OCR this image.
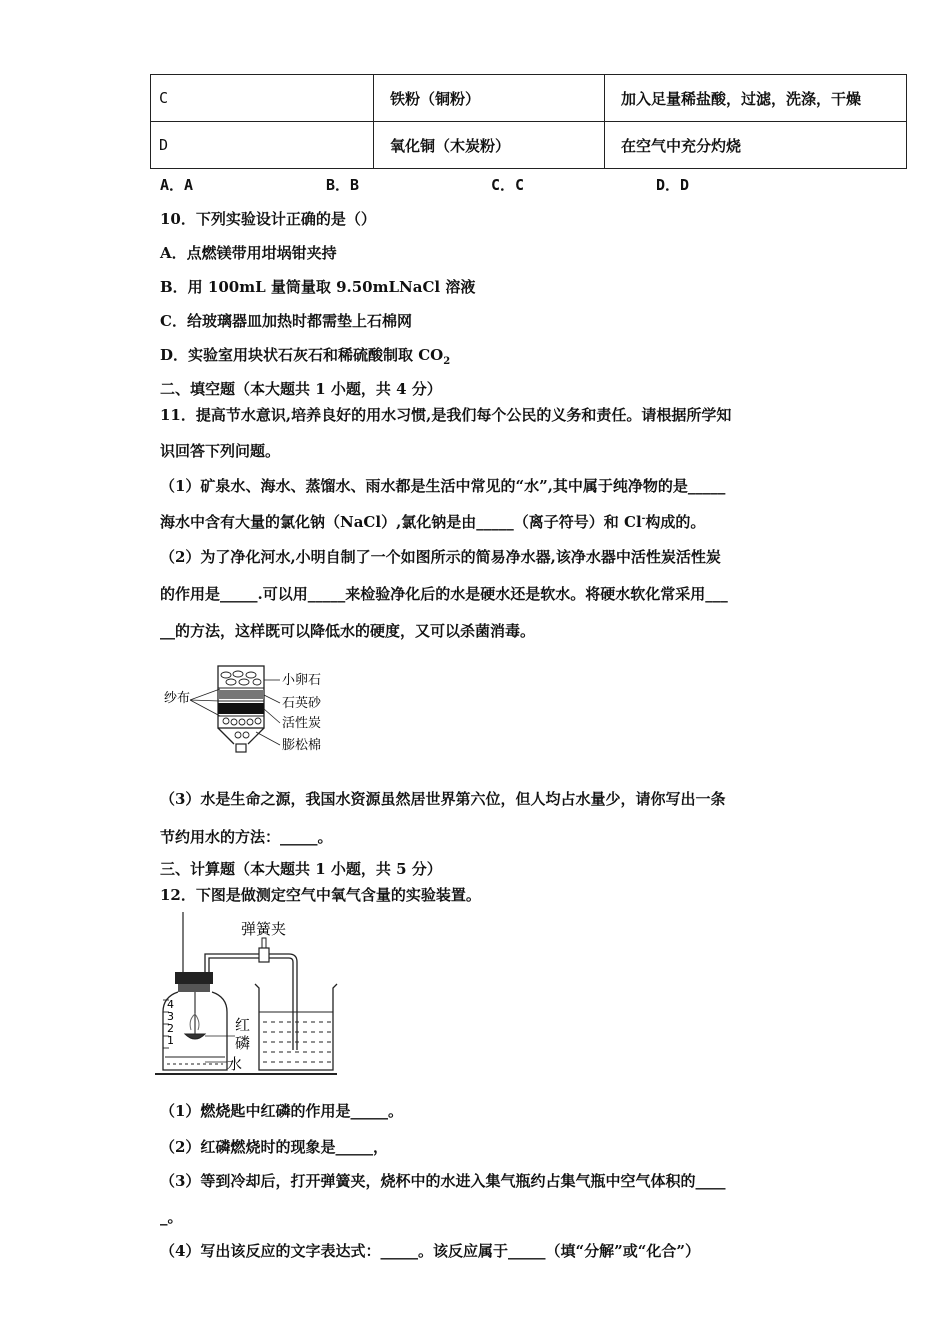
C	铁粉（铜粉）	加入足量稀盐酸，过滤，洗涤，干燥
D	氧化铜（木炭粉）	在空气中充分灼烧
A．A	B．B	C．C	D．D
10．下列实验设计正确的是（）
A．点燃镁带用坩埚钳夹持
B．用 100mL 量筒量取 9.50mLNaCl 溶液
C．给玻璃器皿加热时都需垫上石棉网
D．实验室用块状石灰石和稀硫酸制取 $CO_2$
二、填空题（本大题共 1 小题，共 4 分）
11．提高节水意识,培养良好的用水习惯,是我们每个公民的义务和责任。请根据所学知
识回答下列问题。
（1）矿泉水、海水、蒸馏水、雨水都是生活中常见的“水”,其中属于纯净物的是_____
海水中含有大量的氯化钠（NaCl）,氯化钠是由_____（离子符号）和 Cl-构成的。
（2）为了净化河水,小明自制了一个如图所示的简易净水器,该净水器中活性炭活性炭
的作用是_____.可以用_____来检验净化后的水是硬水还是软水。将硬水软化常采用___
__的方法，这样既可以降低水的硬度，又可以杀菌消毒。
纱布
小卵石
石英砂
活性炭
膨松棉
（3）水是生命之源，我国水资源虽然居世界第六位，但人均占水量少，请你写出一条
节约用水的方法：_____。
三、计算题（本大题共 1 小题，共 5 分）
12．下图是做测定空气中氧气含量的实验装置。
4
3
2
1
弹簧夹
红
磷
水
（1）燃烧匙中红磷的作用是_____。
（2）红磷燃烧时的现象是_____，
（3）等到冷却后，打开弹簧夹，烧杯中的水进入集气瓶约占集气瓶中空气体积的____
_。
（4）写出该反应的文字表达式：_____。该反应属于_____（填“分解”或“化合”）
